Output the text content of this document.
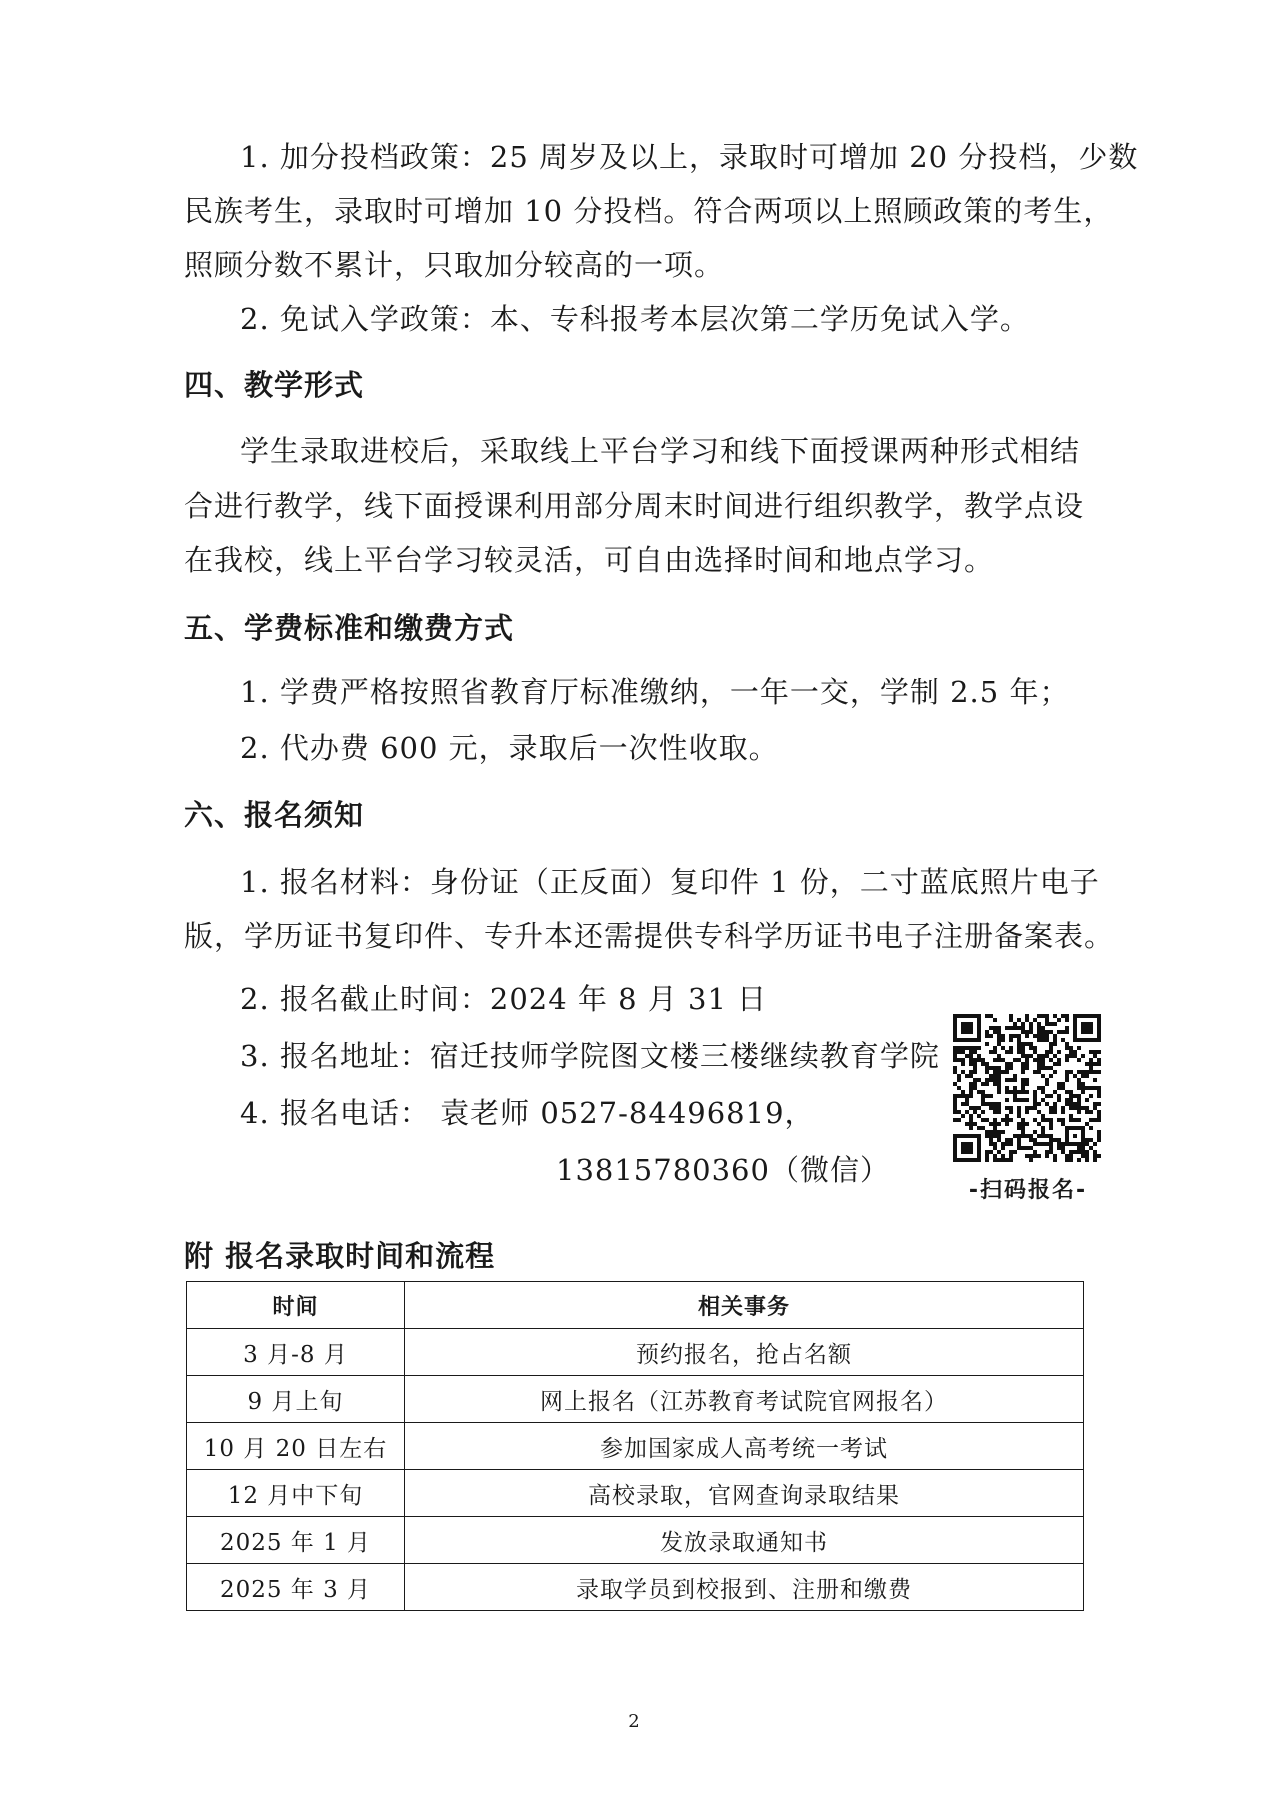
1. 加分投档政策：25 周岁及以上，录取时可增加 20 分投档，少数
民族考生，录取时可增加 10 分投档。符合两项以上照顾政策的考生，
照顾分数不累计，只取加分较高的一项。
2. 免试入学政策：本、专科报考本层次第二学历免试入学。
四、教学形式
学生录取进校后，采取线上平台学习和线下面授课两种形式相结
合进行教学，线下面授课利用部分周末时间进行组织教学，教学点设
在我校，线上平台学习较灵活，可自由选择时间和地点学习。
五、学费标准和缴费方式
1. 学费严格按照省教育厅标准缴纳，一年一交，学制 2.5 年；
2. 代办费 600 元，录取后一次性收取。
六、报名须知
1. 报名材料：身份证（正反面）复印件 1 份，二寸蓝底照片电子
版，学历证书复印件、专升本还需提供专科学历证书电子注册备案表。
2. 报名截止时间：2024 年 8 月 31 日
3. 报名地址：宿迁技师学院图文楼三楼继续教育学院
4. 报名电话： 袁老师 0527-84496819，
13815780360（微信）
-扫码报名-
附 报名录取时间和流程
时间	相关事务
3 月-8 月	预约报名，抢占名额
9 月上旬	网上报名（江苏教育考试院官网报名）
10 月 20 日左右	参加国家成人高考统一考试
12 月中下旬	高校录取，官网查询录取结果
2025 年 1 月	发放录取通知书
2025 年 3 月	录取学员到校报到、注册和缴费
2
